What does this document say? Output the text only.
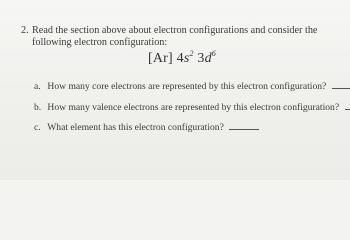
2. Read the section above about electron configurations and consider the following electron configuration:
[Ar] $4s^2$ $3d^6$
a. How many core electrons are represented by this electron configuration?
b. How many valence electrons are represented by this electron configuration?
c. What element has this electron configuration?
